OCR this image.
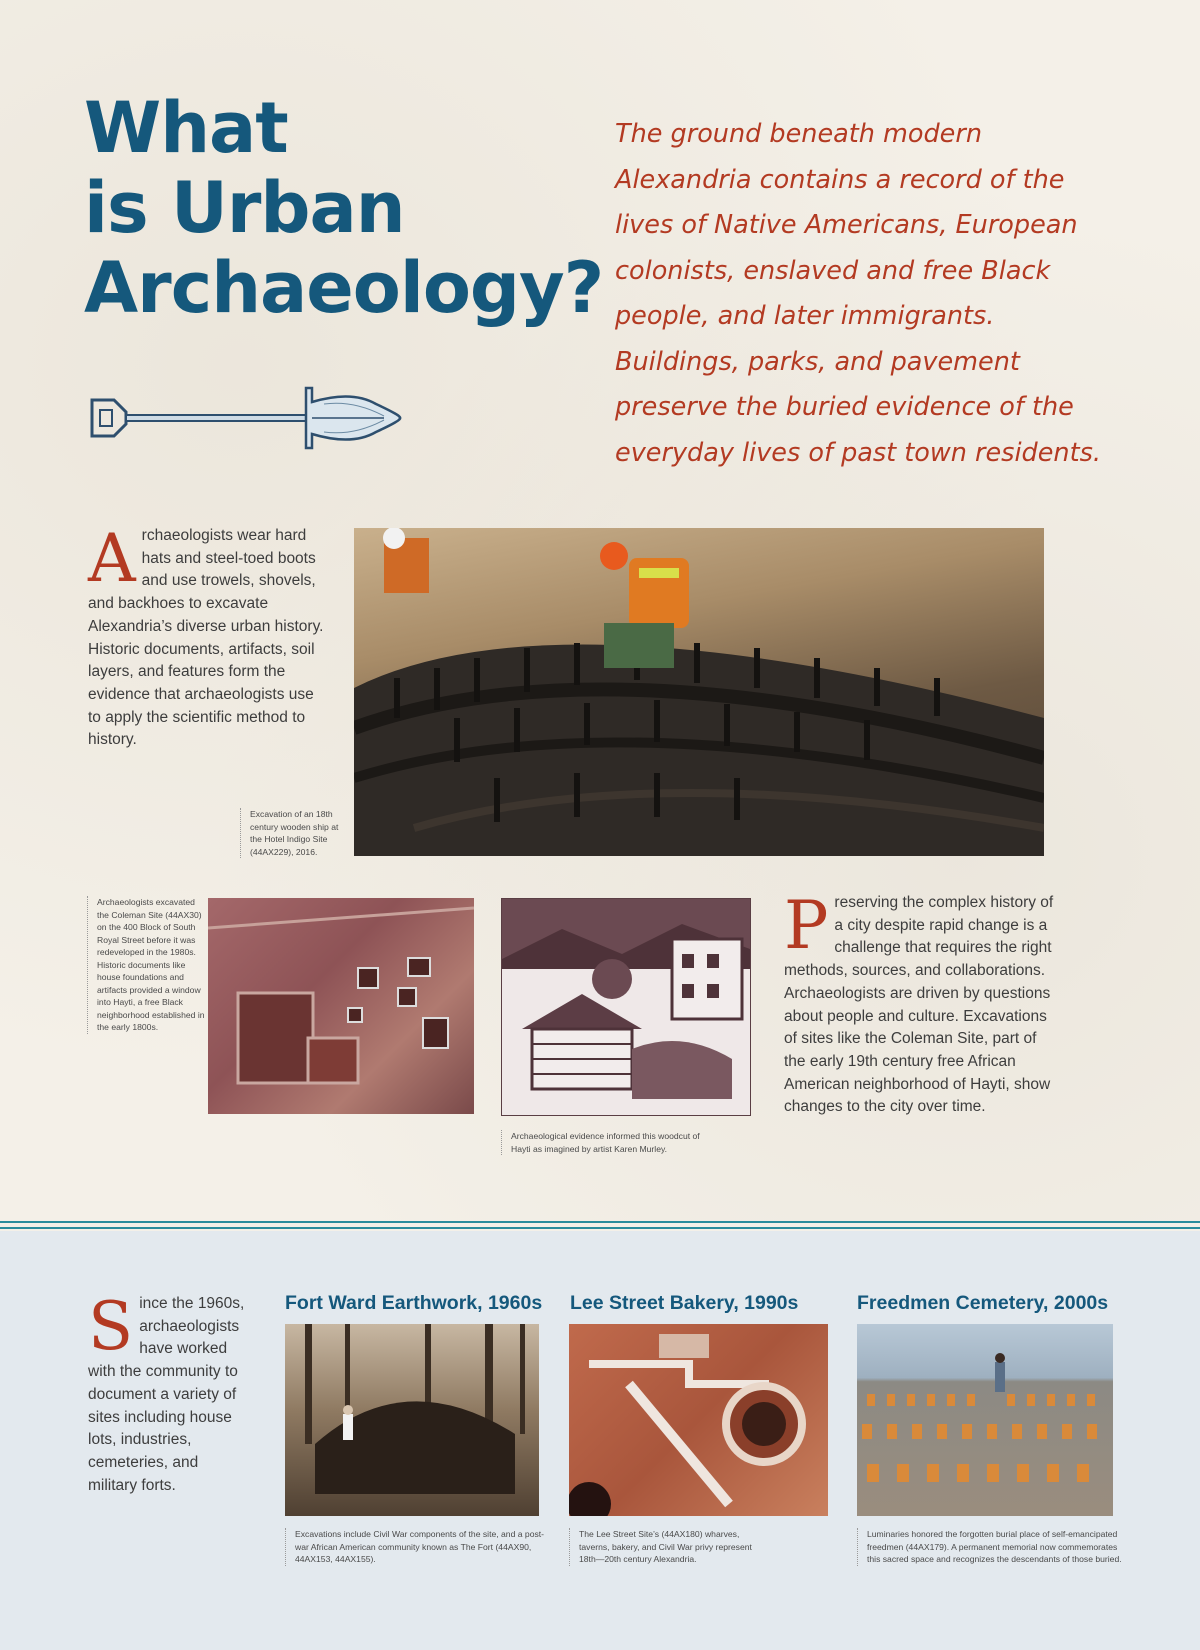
What
is Urban
Archaeology?

The ground beneath modern Alexandria contains a record of the lives of Native Americans, European colonists, enslaved and free Black people, and later immigrants. Buildings, parks, and pavement preserve the buried evidence of the everyday lives of past town residents.

Archaeologists wear hard hats and steel-toed boots and use trowels, shovels, and backhoes to excavate Alexandria’s diverse urban history. Historic documents, artifacts, soil layers, and features form the evidence that archaeologists use to apply the scientific method to history.

Excavation of an 18th century wooden ship at the Hotel Indigo Site (44AX229), 2016.

Archaeologists excavated the Coleman Site (44AX30) on the 400 Block of South Royal Street before it was redeveloped in the 1980s. Historic documents like house foundations and artifacts provided a window into Hayti, a free Black neighborhood established in the early 1800s.

Archaeological evidence informed this woodcut of Hayti as imagined by artist Karen Murley.

Preserving the complex history of a city despite rapid change is a challenge that requires the right methods, sources, and collaborations. Archaeologists are driven by questions about people and culture. Excavations of sites like the Coleman Site, part of the early 19th century free African American neighborhood of Hayti, show changes to the city over time.
Since the 1960s, archaeologists have worked with the community to document a variety of sites including house lots, industries, cemeteries, and military forts.
Fort Ward Earthwork, 1960s

Excavations include Civil War components of the site, and a post-war African American community known as The Fort (44AX90, 44AX153, 44AX155).

Lee Street Bakery, 1990s

The Lee Street Site’s (44AX180) wharves, taverns, bakery, and Civil War privy represent 18th—20th century Alexandria.

Freedmen Cemetery, 2000s

Luminaries honored the forgotten burial place of self-emancipated freedmen (44AX179). A permanent memorial now commemorates this sacred space and recognizes the descendants of those buried.
